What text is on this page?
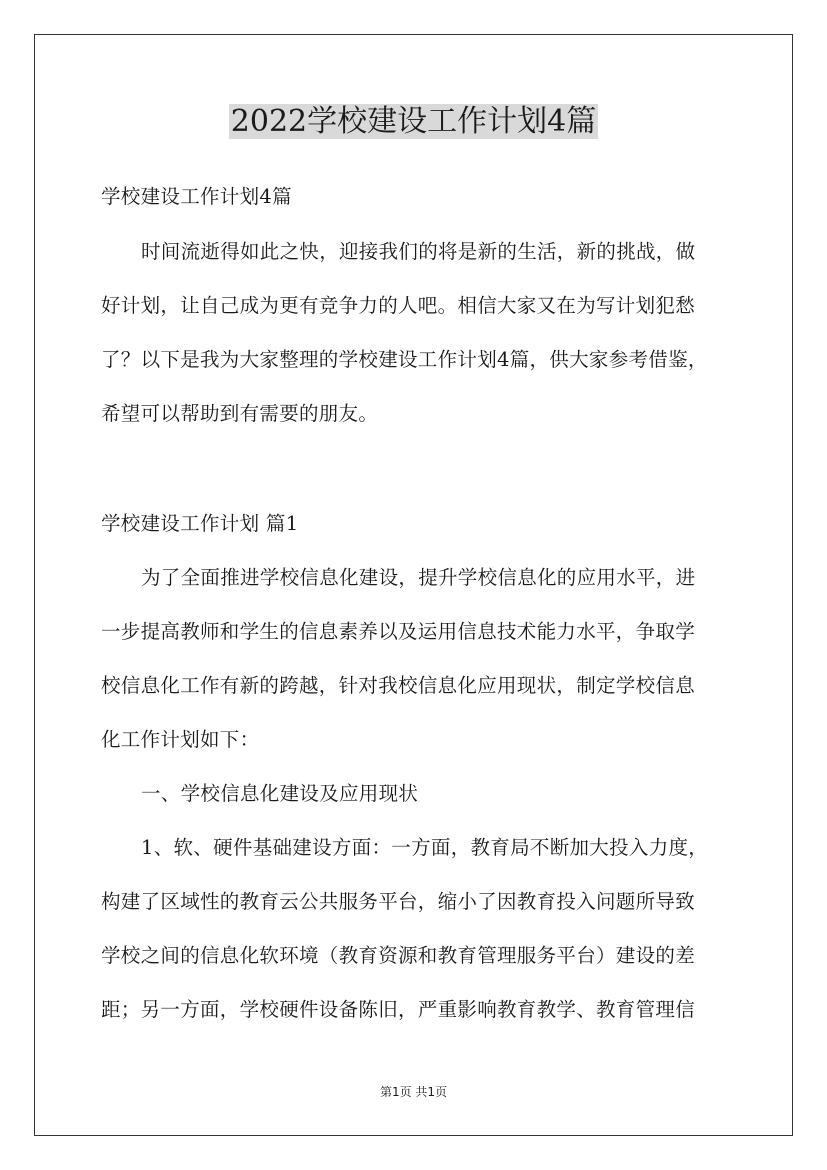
2022学校建设工作计划4篇
学校建设工作计划4篇
时间流逝得如此之快，迎接我们的将是新的生活，新的挑战，做
好计划，让自己成为更有竞争力的人吧。相信大家又在为写计划犯愁
了？以下是我为大家整理的学校建设工作计划4篇，供大家参考借鉴，
希望可以帮助到有需要的朋友。
学校建设工作计划 篇1
为了全面推进学校信息化建设，提升学校信息化的应用水平，进
一步提高教师和学生的信息素养以及运用信息技术能力水平，争取学
校信息化工作有新的跨越，针对我校信息化应用现状，制定学校信息
化工作计划如下：
一、学校信息化建设及应用现状
1、软、硬件基础建设方面：一方面，教育局不断加大投入力度，
构建了区域性的教育云公共服务平台，缩小了因教育投入问题所导致
学校之间的信息化软环境（教育资源和教育管理服务平台）建设的差
距；另一方面，学校硬件设备陈旧，严重影响教育教学、教育管理信
第1页 共1页
